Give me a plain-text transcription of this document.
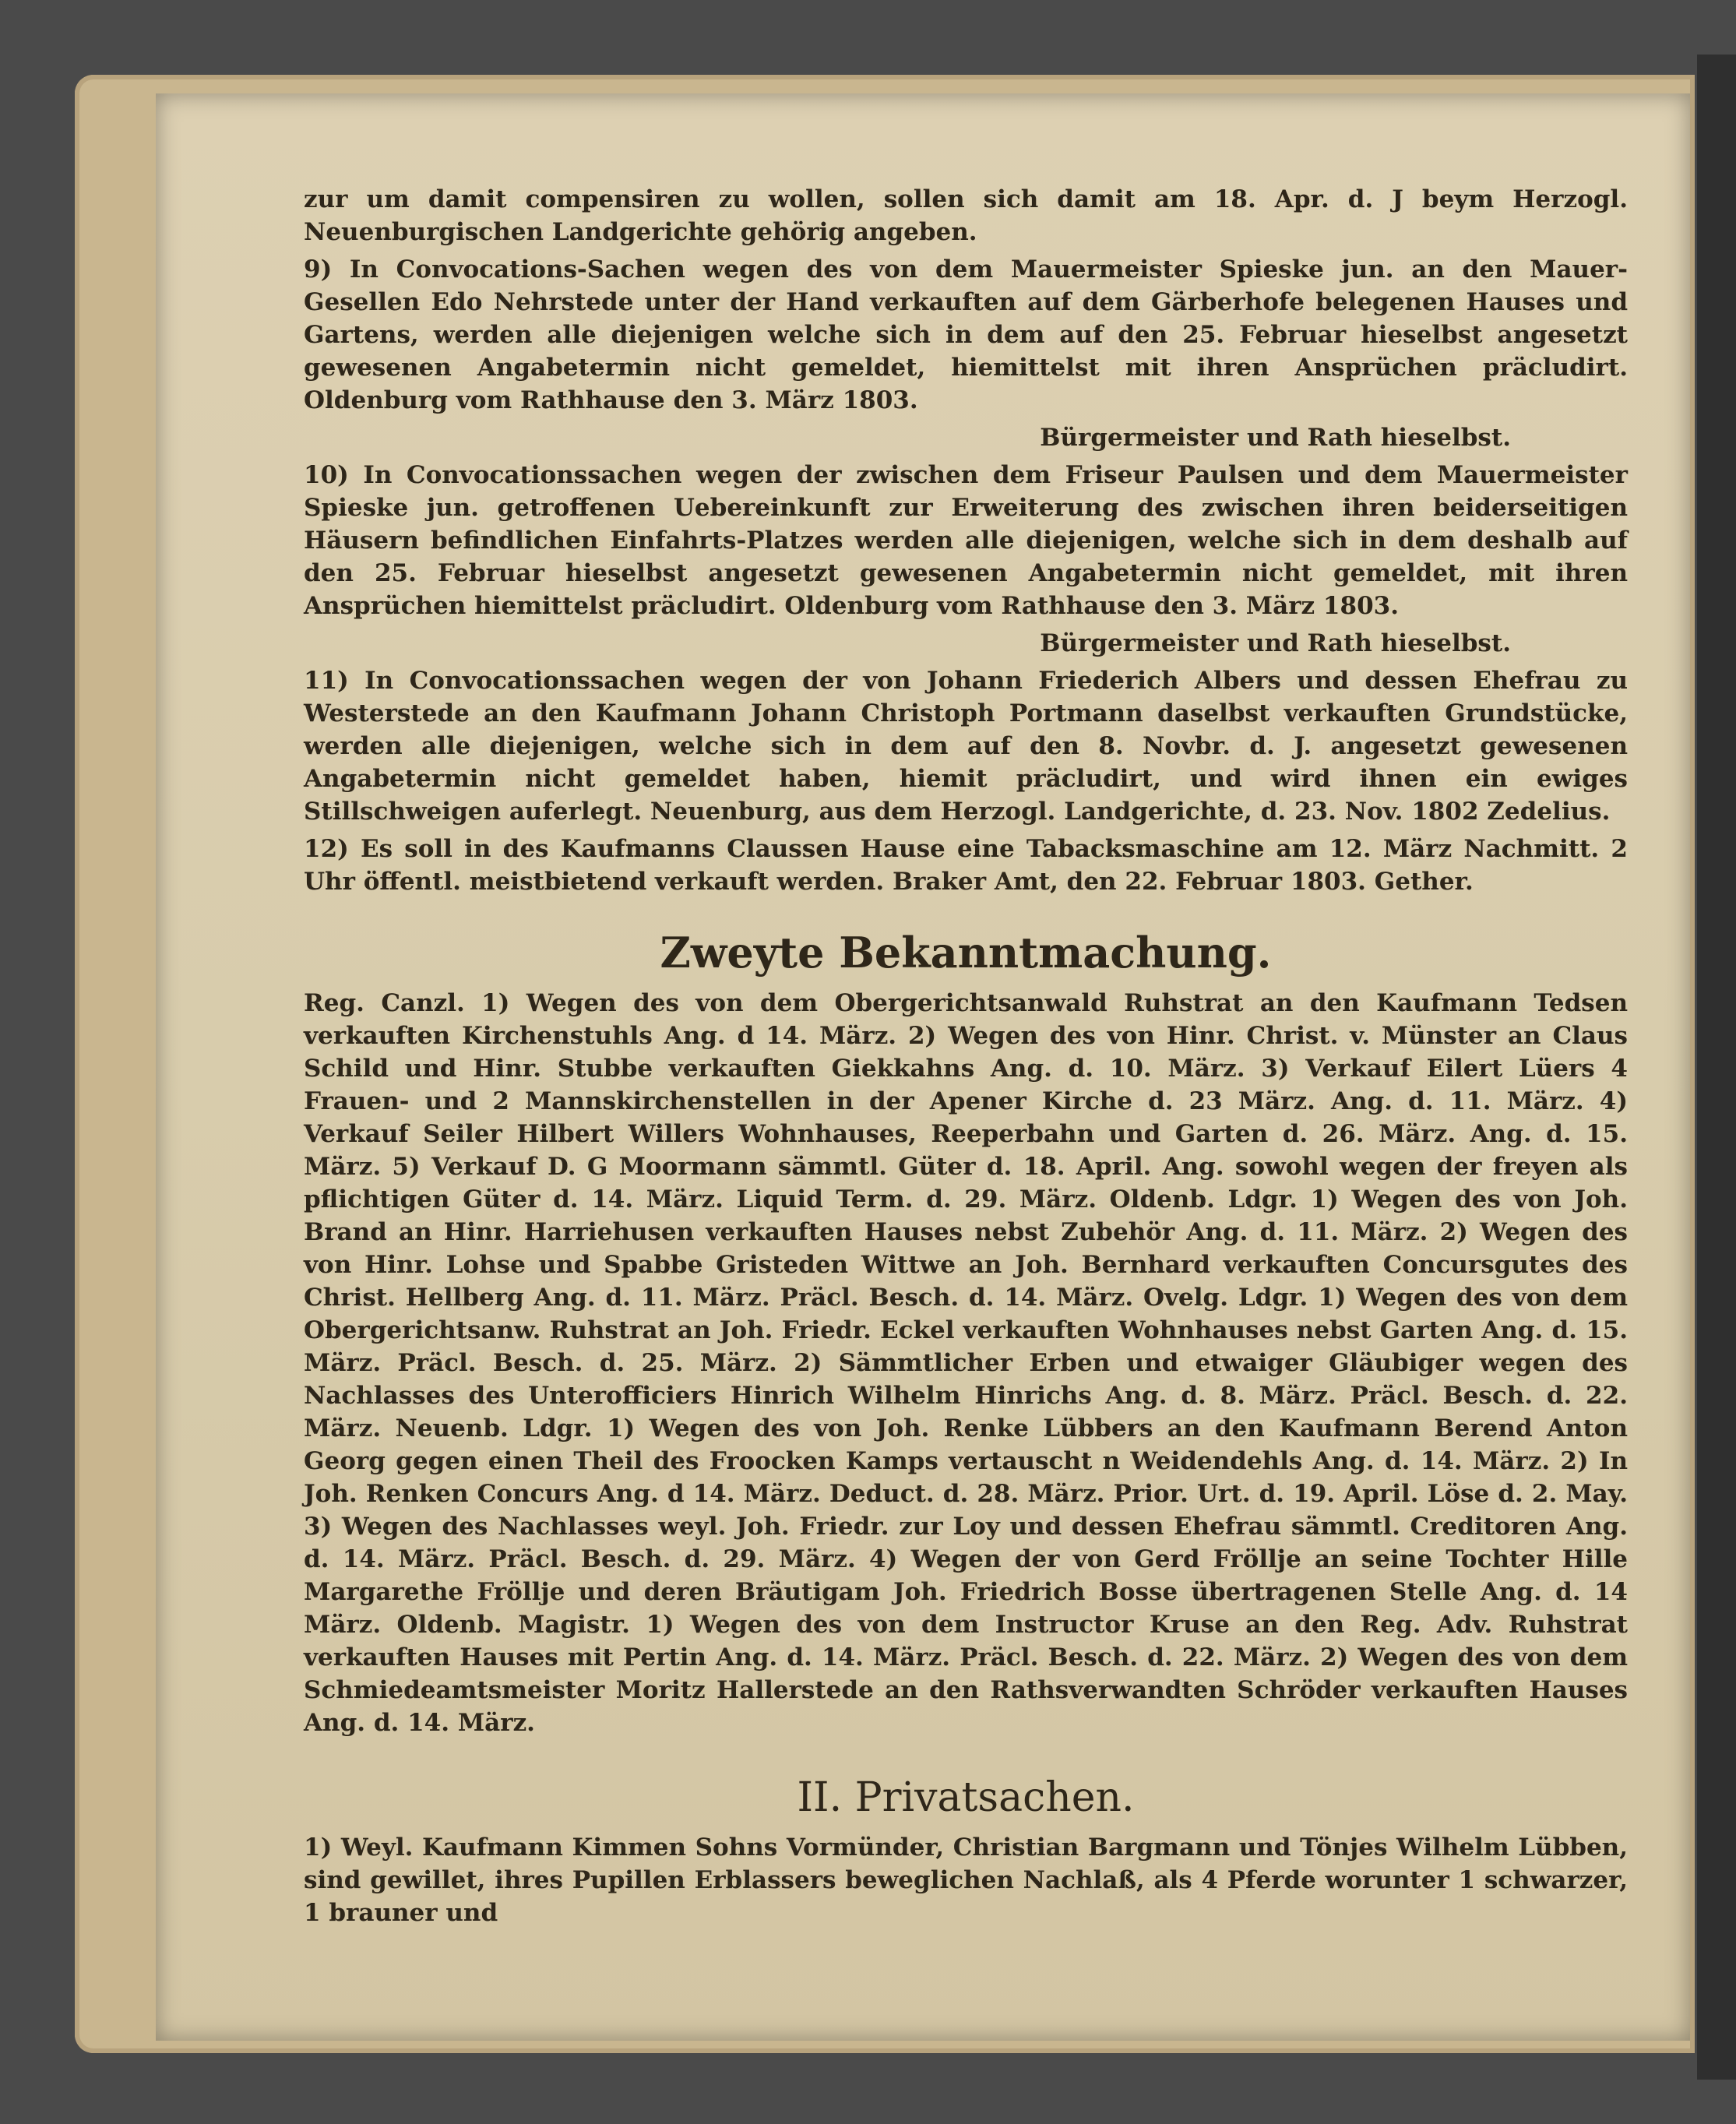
zur um damit compensiren zu wollen, sollen sich damit am 18. Apr. d. J beym Herzogl. Neuenburgischen Landgerichte gehörig angeben.

9) In Convocations-Sachen wegen des von dem Mauermeister Spieske jun. an den Mauer-Gesellen Edo Nehrstede unter der Hand verkauften auf dem Gärberhofe belegenen Hauses und Gartens, werden alle diejenigen welche sich in dem auf den 25. Februar hieselbst angesetzt gewesenen Angabetermin nicht gemeldet, hiemittelst mit ihren Ansprüchen präcludirt. Oldenburg vom Rathhause den 3. März 1803.

Bürgermeister und Rath hieselbst.

10) In Convocationssachen wegen der zwischen dem Friseur Paulsen und dem Mauermeister Spieske jun. getroffenen Uebereinkunft zur Erweiterung des zwischen ihren beiderseitigen Häusern befindlichen Einfahrts-Platzes werden alle diejenigen, welche sich in dem deshalb auf den 25. Februar hieselbst angesetzt gewesenen Angabetermin nicht gemeldet, mit ihren Ansprüchen hiemittelst präcludirt. Oldenburg vom Rathhause den 3. März 1803.

Bürgermeister und Rath hieselbst.

11) In Convocationssachen wegen der von Johann Friederich Albers und dessen Ehefrau zu Westerstede an den Kaufmann Johann Christoph Portmann daselbst verkauften Grundstücke, werden alle diejenigen, welche sich in dem auf den 8. Novbr. d. J. angesetzt gewesenen Angabetermin nicht gemeldet haben, hiemit präcludirt, und wird ihnen ein ewiges Stillschweigen auferlegt. Neuenburg, aus dem Herzogl. Landgerichte, d. 23. Nov. 1802 Zedelius.

12) Es soll in des Kaufmanns Claussen Hause eine Tabacksmaschine am 12. März Nachmitt. 2 Uhr öffentl. meistbietend verkauft werden. Braker Amt, den 22. Februar 1803. Gether.

Zweyte Bekanntmachung.

Reg. Canzl. 1) Wegen des von dem Obergerichtsanwald Ruhstrat an den Kaufmann Tedsen verkauften Kirchenstuhls Ang. d 14. März. 2) Wegen des von Hinr. Christ. v. Münster an Claus Schild und Hinr. Stubbe verkauften Giekkahns Ang. d. 10. März. 3) Verkauf Eilert Lüers 4 Frauen- und 2 Mannskirchenstellen in der Apener Kirche d. 23 März. Ang. d. 11. März. 4) Verkauf Seiler Hilbert Willers Wohnhauses, Reeperbahn und Garten d. 26. März. Ang. d. 15. März. 5) Verkauf D. G Moormann sämmtl. Güter d. 18. April. Ang. sowohl wegen der freyen als pflichtigen Güter d. 14. März. Liquid Term. d. 29. März. Oldenb. Ldgr. 1) Wegen des von Joh. Brand an Hinr. Harriehusen verkauften Hauses nebst Zubehör Ang. d. 11. März. 2) Wegen des von Hinr. Lohse und Spabbe Gristeden Wittwe an Joh. Bernhard verkauften Concursgutes des Christ. Hellberg Ang. d. 11. März. Präcl. Besch. d. 14. März. Ovelg. Ldgr. 1) Wegen des von dem Obergerichtsanw. Ruhstrat an Joh. Friedr. Eckel verkauften Wohnhauses nebst Garten Ang. d. 15. März. Präcl. Besch. d. 25. März. 2) Sämmtlicher Erben und etwaiger Gläubiger wegen des Nachlasses des Unterofficiers Hinrich Wilhelm Hinrichs Ang. d. 8. März. Präcl. Besch. d. 22. März. Neuenb. Ldgr. 1) Wegen des von Joh. Renke Lübbers an den Kaufmann Berend Anton Georg gegen einen Theil des Froocken Kamps vertauscht n Weidendehls Ang. d. 14. März. 2) In Joh. Renken Concurs Ang. d 14. März. Deduct. d. 28. März. Prior. Urt. d. 19. April. Löse d. 2. May. 3) Wegen des Nachlasses weyl. Joh. Friedr. zur Loy und dessen Ehefrau sämmtl. Creditoren Ang. d. 14. März. Präcl. Besch. d. 29. März. 4) Wegen der von Gerd Fröllje an seine Tochter Hille Margarethe Fröllje und deren Bräutigam Joh. Friedrich Bosse übertragenen Stelle Ang. d. 14 März. Oldenb. Magistr. 1) Wegen des von dem Instructor Kruse an den Reg. Adv. Ruhstrat verkauften Hauses mit Pertin Ang. d. 14. März. Präcl. Besch. d. 22. März. 2) Wegen des von dem Schmiedeamtsmeister Moritz Hallerstede an den Rathsverwandten Schröder verkauften Hauses Ang. d. 14. März.

II. Privatsachen.

1) Weyl. Kaufmann Kimmen Sohns Vormünder, Christian Bargmann und Tönjes Wilhelm Lübben, sind gewillet, ihres Pupillen Erblassers beweglichen Nachlaß, als 4 Pferde worunter 1 schwarzer, 1 brauner und
